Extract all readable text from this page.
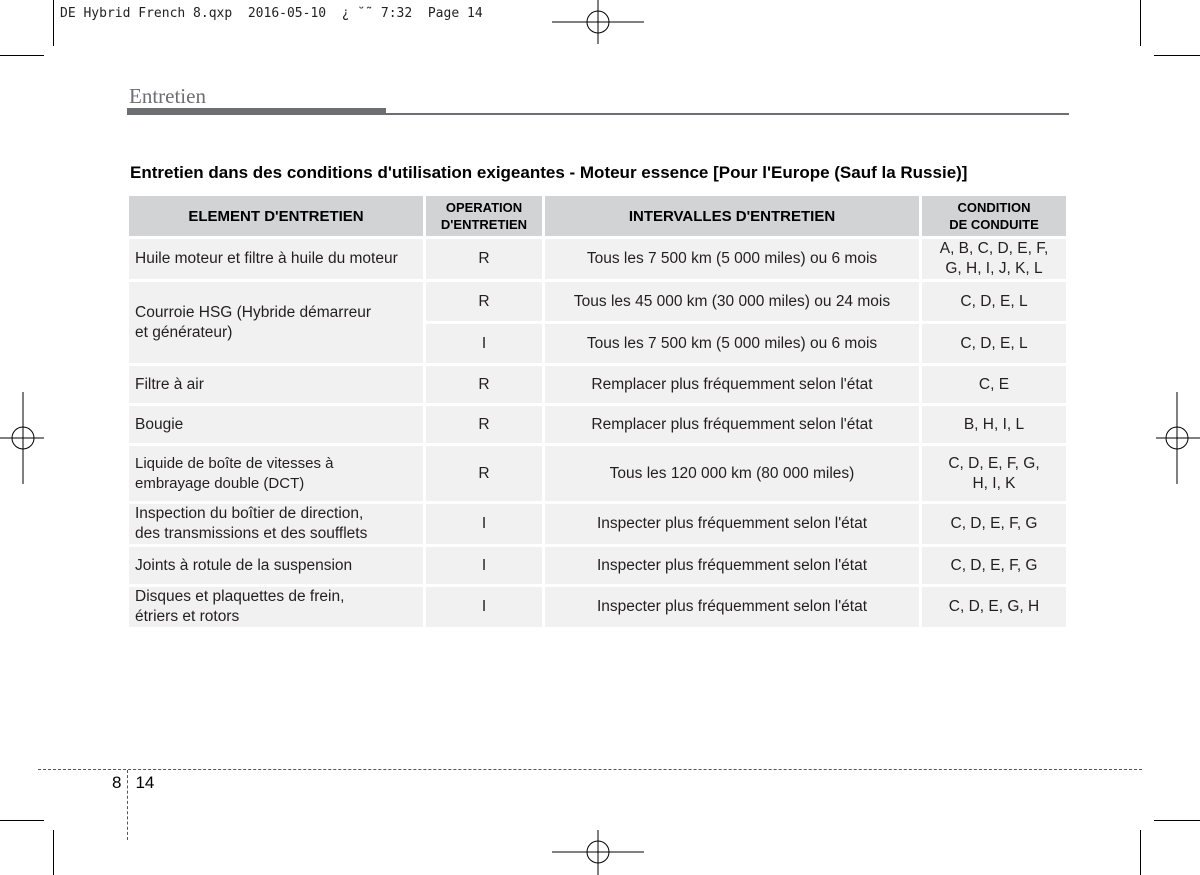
DE Hybrid French 8.qxp  2016-05-10  ¿ ˘˜ 7:32  Page 14
Entretien
Entretien dans des conditions d'utilisation exigeantes - Moteur essence [Pour l'Europe (Sauf la Russie)]
ELEMENT D'ENTRETIEN	OPERATION
D'ENTRETIEN	INTERVALLES D'ENTRETIEN	CONDITION
DE CONDUITE
Huile moteur et filtre à huile du moteur	R	Tous les 7 500 km (5 000 miles) ou 6 mois	A, B, C, D, E, F,
G, H, I, J, K, L
Courroie HSG (Hybride démarreur
et générateur)	R	Tous les 45 000 km (30 000 miles) ou 24 mois	C, D, E, L
	I	Tous les 7 500 km (5 000 miles) ou 6 mois	C, D, E, L
Filtre à air	R	Remplacer plus fréquemment selon l'état	C, E
Bougie	R	Remplacer plus fréquemment selon l'état	B, H, I, L
Liquide de boîte de vitesses à
embrayage double (DCT)	R	Tous les 120 000 km (80 000 miles)	C, D, E, F, G,
H, I, K
Inspection du boîtier de direction,
des transmissions et des soufflets	I	Inspecter plus fréquemment selon l'état	C, D, E, F, G
Joints à rotule de la suspension	I	Inspecter plus fréquemment selon l'état	C, D, E, F, G
Disques et plaquettes de frein,
étriers et rotors	I	Inspecter plus fréquemment selon l'état	C, D, E, G, H
8 14
